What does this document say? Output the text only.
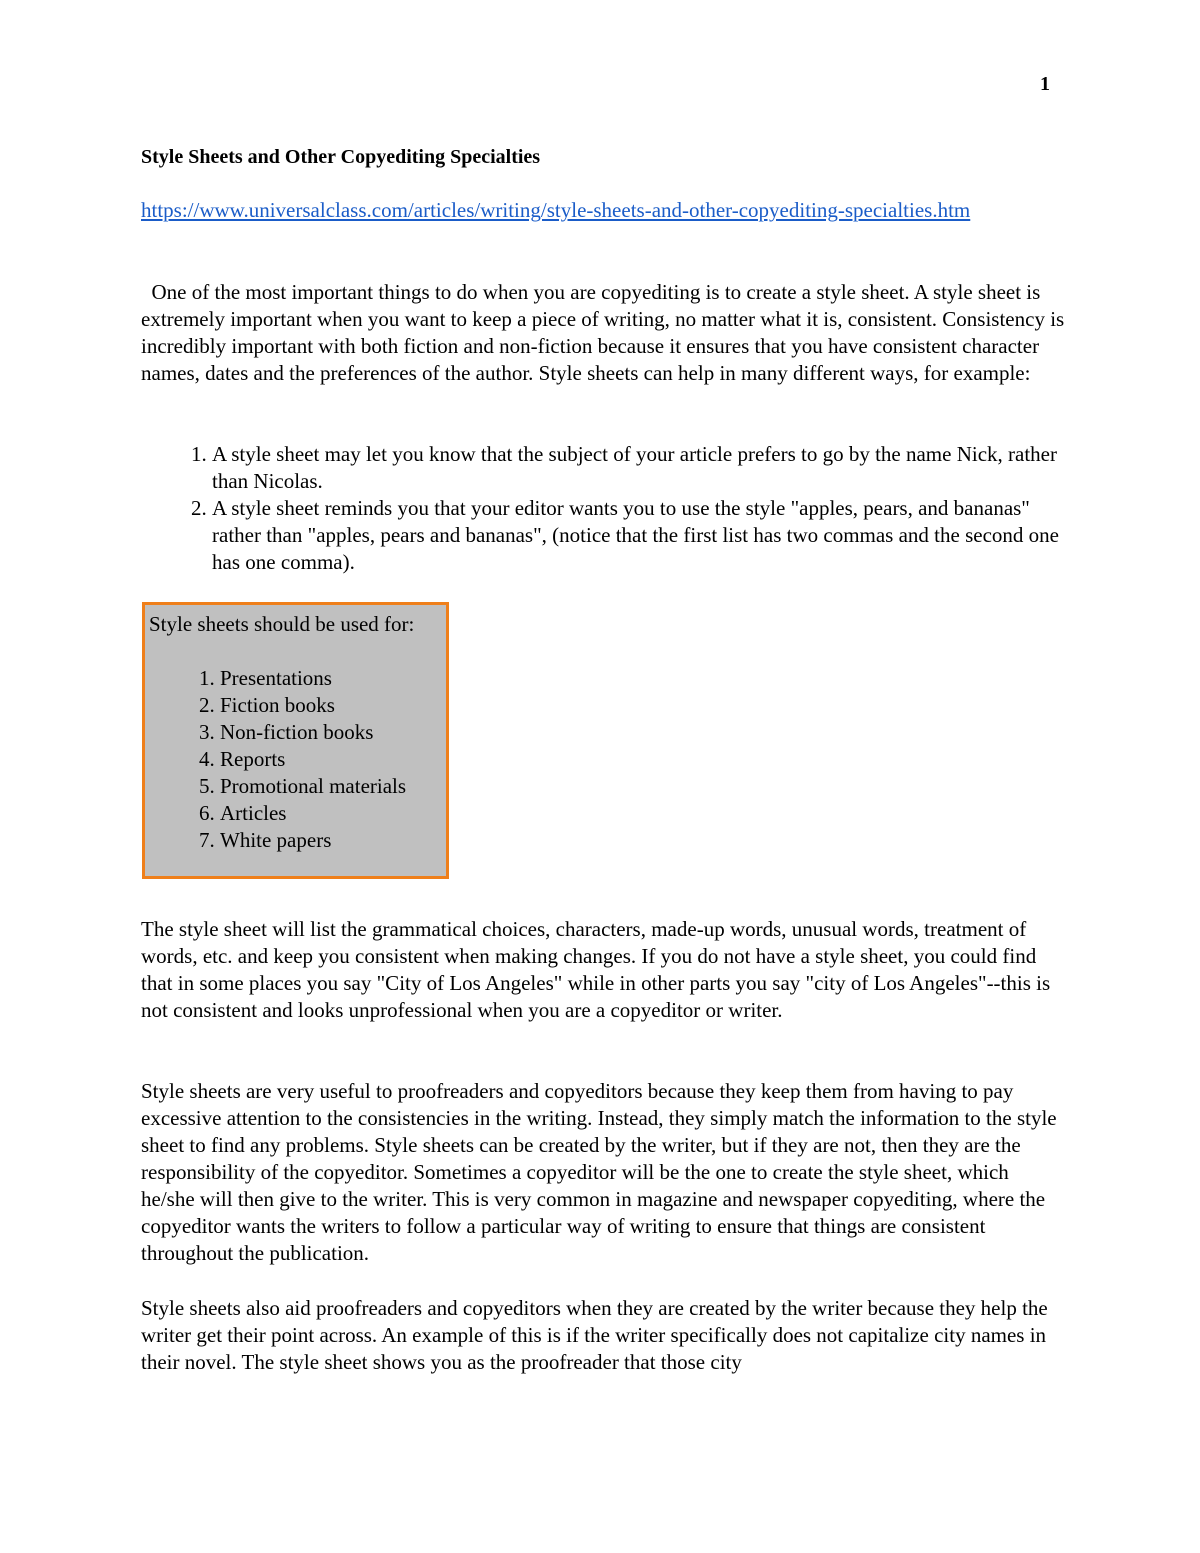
1
Style Sheets and Other Copyediting Specialties
https://www.universalclass.com/articles/writing/style-sheets-and-other-copyediting-specialties.htm

One of the most important things to do when you are copyediting is to create a style sheet. A style sheet is extremely important when you want to keep a piece of writing, no matter what it is, consistent. Consistency is incredibly important with both fiction and non-fiction because it ensures that you have consistent character names, dates and the preferences of the author. Style sheets can help in many different ways, for example:

1. A style sheet may let you know that the subject of your article prefers to go by the name Nick, rather than Nicolas.
2. A style sheet reminds you that your editor wants you to use the style "apples, pears, and bananas" rather than "apples, pears and bananas", (notice that the first list has two commas and the second one has one comma).

Style sheets should be used for:

1. Presentations
2. Fiction books
3. Non-fiction books
4. Reports
5. Promotional materials
6. Articles
7. White papers

The style sheet will list the grammatical choices, characters, made-up words, unusual words, treatment of words, etc. and keep you consistent when making changes. If you do not have a style sheet, you could find that in some places you say "City of Los Angeles" while in other parts you say "city of Los Angeles"--this is not consistent and looks unprofessional when you are a copyeditor or writer.

Style sheets are very useful to proofreaders and copyeditors because they keep them from having to pay excessive attention to the consistencies in the writing. Instead, they simply match the information to the style sheet to find any problems. Style sheets can be created by the writer, but if they are not, then they are the responsibility of the copyeditor. Sometimes a copyeditor will be the one to create the style sheet, which he/she will then give to the writer. This is very common in magazine and newspaper copyediting, where the copyeditor wants the writers to follow a particular way of writing to ensure that things are consistent throughout the publication.

Style sheets also aid proofreaders and copyeditors when they are created by the writer because they help the writer get their point across. An example of this is if the writer specifically does not capitalize city names in their novel. The style sheet shows you as the proofreader that those city
